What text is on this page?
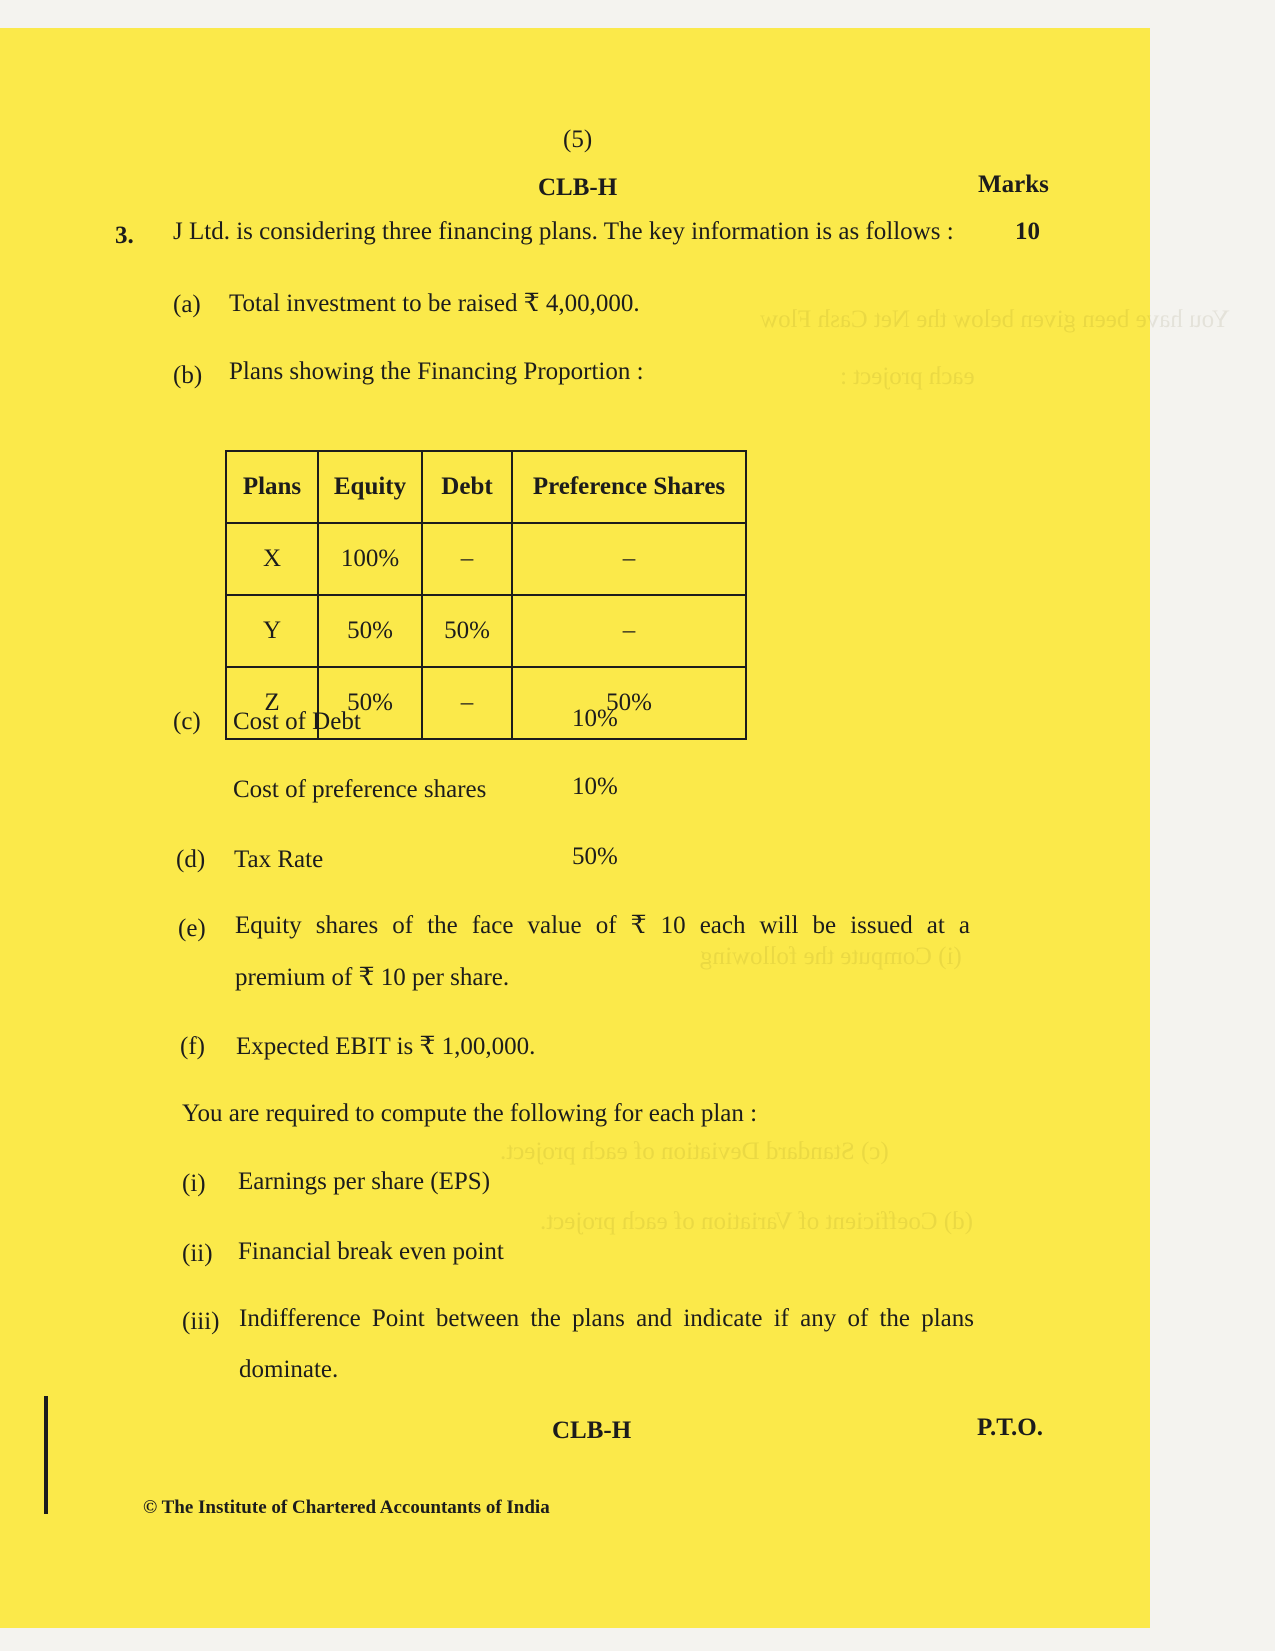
You have been given below the Net Cash Flow
each project :
(i) Compute the following
(c) Standard Deviation of each project.
(d) Coefficient of Variation of each project.
(5)
CLB-H	Marks
3. J Ltd. is considering three financing plans. The key information is as follows : 10
(a) Total investment to be raised ₹ 4,00,000.
(b) Plans showing the Financing Proportion :
Plans	Equity	Debt	Preference Shares
X	100%	–	–
Y	50%	50%	–
Z	50%	–	50%
(c) Cost of Debt	10%
Cost of preference shares	10%
(d) Tax Rate	50%
(e) Equity shares of the face value of ₹ 10 each will be issued at a
premium of ₹ 10 per share.
(f) Expected EBIT is ₹ 1,00,000.
You are required to compute the following for each plan :
(i) Earnings per share (EPS)
(ii) Financial break even point
(iii) Indifference Point between the plans and indicate if any of the plans
dominate.
CLB-H	P.T.O.
© The Institute of Chartered Accountants of India
